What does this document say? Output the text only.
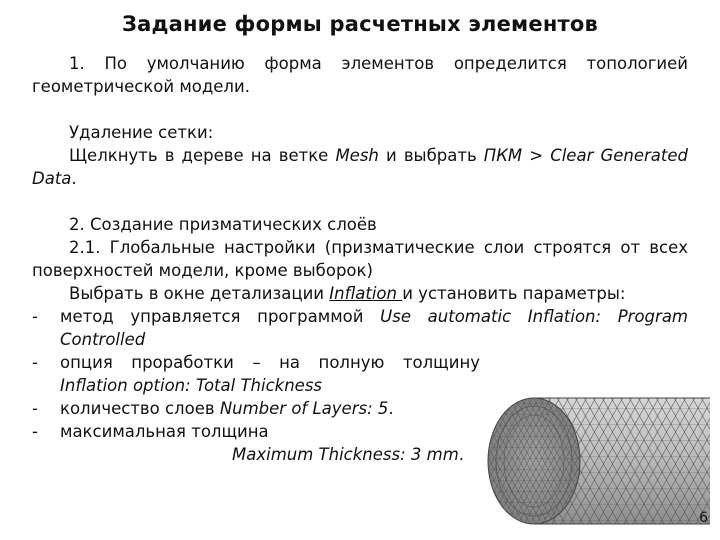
Задание формы расчетных элементов
1. По умолчанию форма элементов определится топологией геометрической модели.
Удаление сетки:
Щелкнуть в дереве на ветке Mesh и выбрать ПКМ > Clear Generated Data.
2. Создание призматических слоёв
2.1. Глобальные настройки (призматические слои строятся от всех поверхностей модели, кроме выборок)
Выбрать в окне детализации Inflation и установить параметры:
-	метод управляется программой Use automatic Inflation: Program Controlled
-	опция проработки – на полную толщину Inflation option: Total Thickness
-	количество слоев Number of Layers: 5.
-	максимальная толщина
Maximum Thickness: 3 mm.
6
